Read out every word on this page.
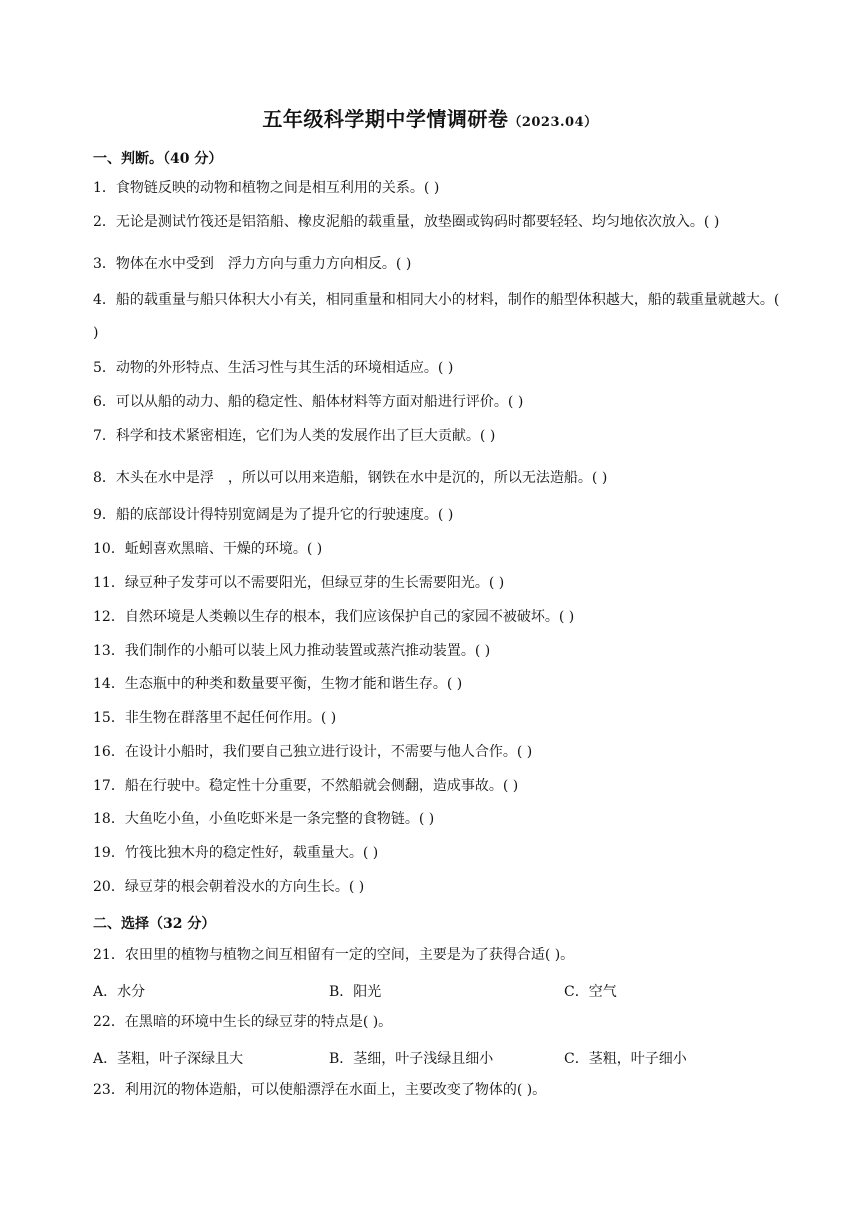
五年级科学期中学情调研卷（2023.04）
一、判断。（40 分）
1．食物链反映的动物和植物之间是相互利用的关系。( )
2．无论是测试竹筏还是铝箔船、橡皮泥船的载重量，放垫圈或钩码时都要轻轻、均匀地依次放入。( )
3．物体在水中受到　浮力方向与重力方向相反。( )
4．船的载重量与船只体积大小有关，相同重量和相同大小的材料，制作的船型体积越大，船的载重量就越大。( )
5．动物的外形特点、生活习性与其生活的环境相适应。( )
6．可以从船的动力、船的稳定性、船体材料等方面对船进行评价。( )
7．科学和技术紧密相连，它们为人类的发展作出了巨大贡献。( )
8．木头在水中是浮　，所以可以用来造船，钢铁在水中是沉的，所以无法造船。( )
9．船的底部设计得特别宽阔是为了提升它的行驶速度。( )
10．蚯蚓喜欢黑暗、干燥的环境。( )
11．绿豆种子发芽可以不需要阳光，但绿豆芽的生长需要阳光。( )
12．自然环境是人类赖以生存的根本，我们应该保护自己的家园不被破坏。( )
13．我们制作的小船可以装上风力推动装置或蒸汽推动装置。( )
14．生态瓶中的种类和数量要平衡，生物才能和谐生存。( )
15．非生物在群落里不起任何作用。( )
16．在设计小船时，我们要自己独立进行设计，不需要与他人合作。( )
17．船在行驶中。稳定性十分重要，不然船就会侧翻，造成事故。( )
18．大鱼吃小鱼，小鱼吃虾米是一条完整的食物链。( )
19．竹筏比独木舟的稳定性好，载重量大。( )
20．绿豆芽的根会朝着没水的方向生长。( )
二、选择（32 分）
21．农田里的植物与植物之间互相留有一定的空间，主要是为了获得合适( )。
A．水分	B．阳光	C．空气
22．在黑暗的环境中生长的绿豆芽的特点是( )。
A．茎粗，叶子深绿且大	B．茎细，叶子浅绿且细小	C．茎粗，叶子细小
23．利用沉的物体造船，可以使船漂浮在水面上，主要改变了物体的( )。
